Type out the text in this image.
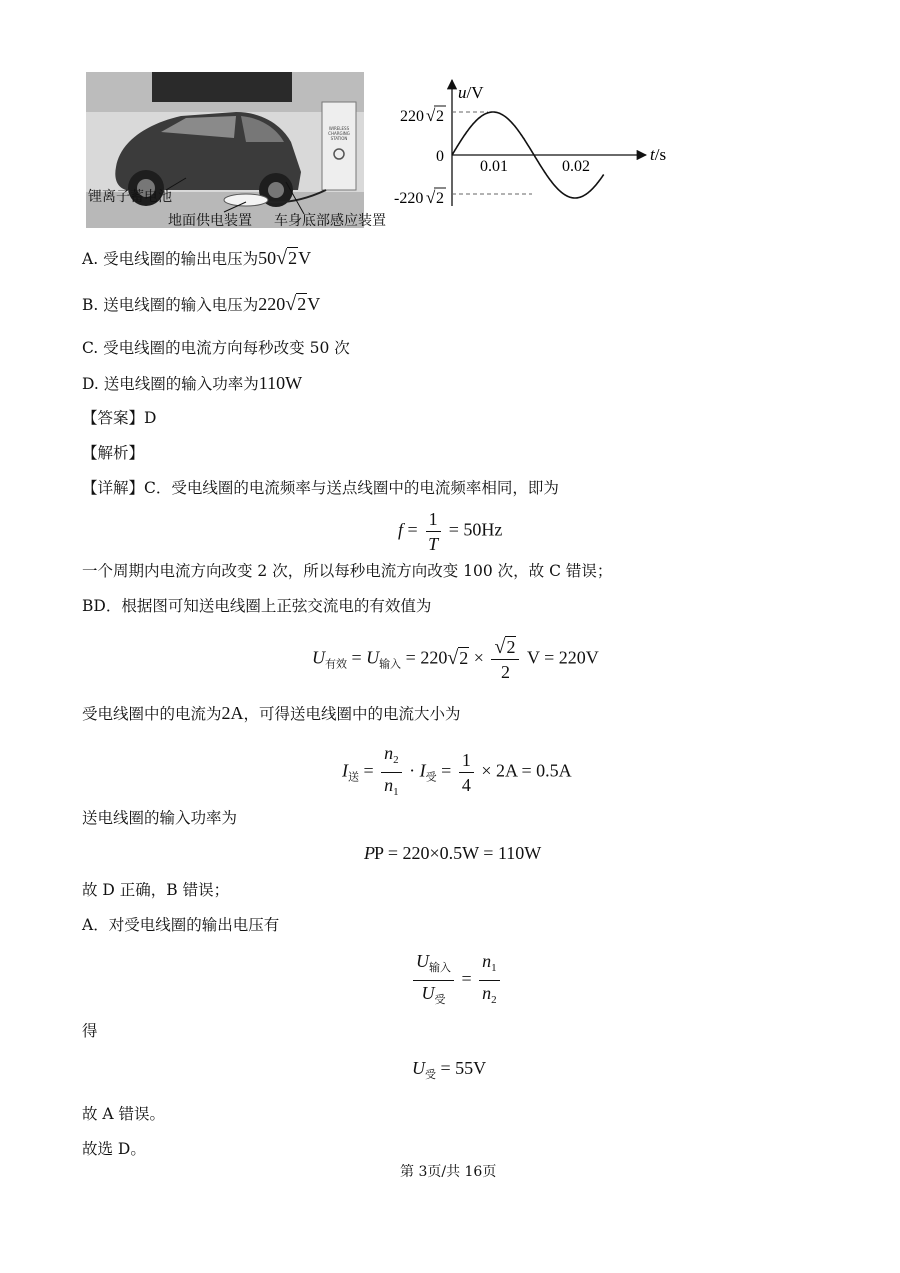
WIRELESS
CHARGING
STATION
锂离子蓄电池
地面供电装置 车身底部感应装置
u/V
t/s
0.01	0.02
0
220 √ 2
-220 √ 2
A. 受电线圈的输出电压为50√2V
B. 送电线圈的输入电压为220√2V
C. 受电线圈的电流方向每秒改变 50 次
D. 送电线圈的输入功率为110W
【答案】D
【解析】
【详解】C．受电线圈的电流频率与送点线圈中的电流频率相同，即为
$f = \frac{1}{T} = 50Hz$
一个周期内电流方向改变 2 次，所以每秒电流方向改变 100 次，故 C 错误；
BD．根据图可知送电线圈上正弦交流电的有效值为
$U_{有效} = U_{输入} = 220√2 \times \frac{√2}{2}$ V = 220V
受电线圈中的电流为2A，可得送电线圈中的电流大小为
$I_送 = \frac{n_2}{n_1} \cdot I_受 = \frac{1}{4} \times 2A = 0.5A$
送电线圈的输入功率为
PP = 220×0.5W = 110W
故 D 正确，B 错误；
A．对受电线圈的输出电压有
$\frac{U_{输入}}{U_受} = \frac{n_1}{n_2}$
得
$U_受 = 55V$
故 A 错误。
故选 D。
第 3页/共 16页
